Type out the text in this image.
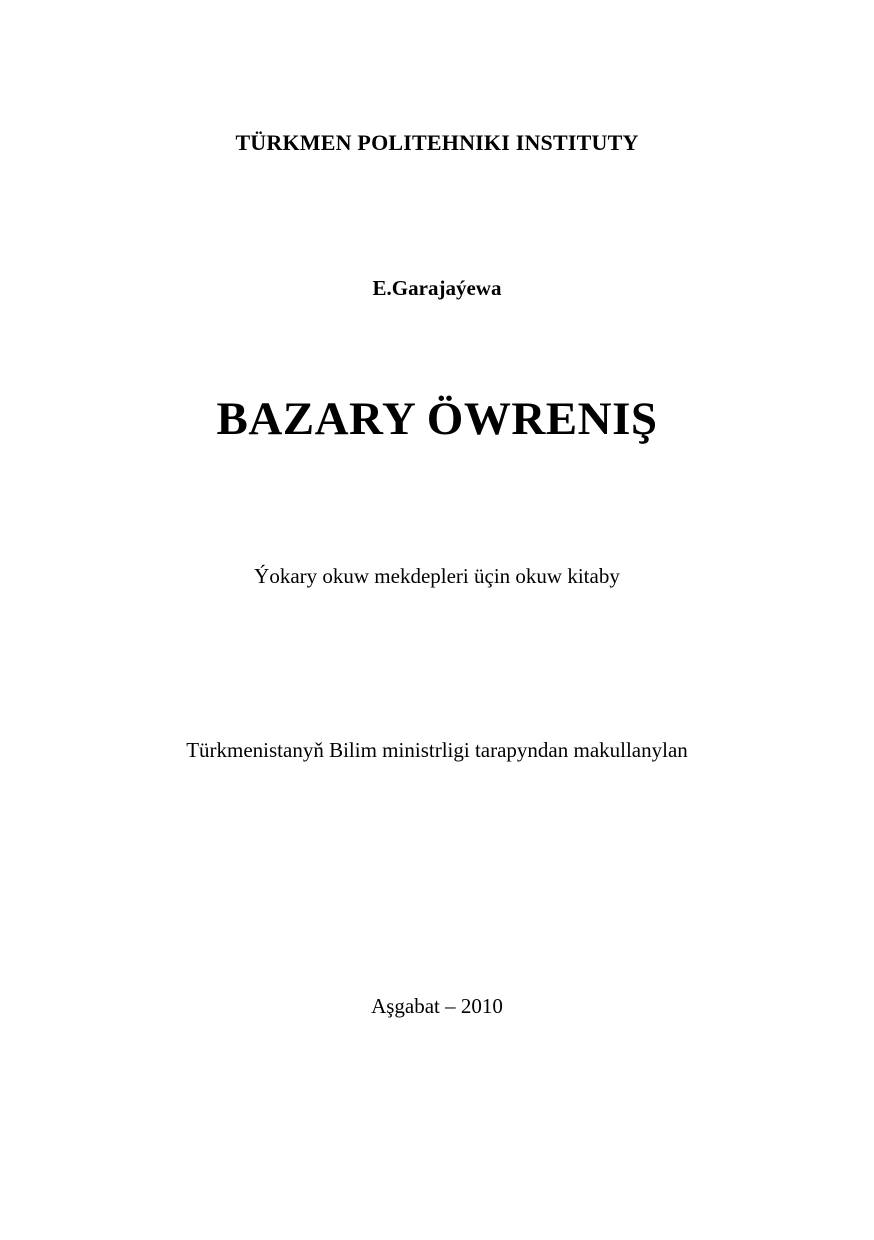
TÜRKMEN POLITEHNIKI INSTITUTY
E.Garajaýewa
BAZARY ÖWRENIŞ
Ýokary okuw mekdepleri üçin okuw kitaby
Türkmenistanyň Bilim ministrligi tarapyndan makullanylan
Aşgabat – 2010
